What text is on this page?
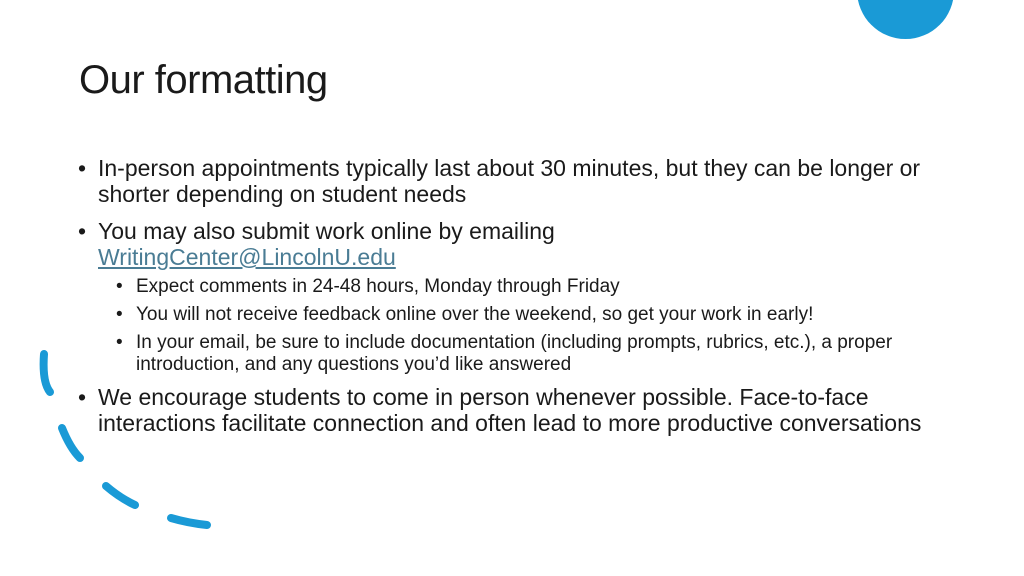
Our formatting
• In-person appointments typically last about 30 minutes, but they can be longer or shorter depending on student needs
• You may also submit work online by emailing
WritingCenter@LincolnU.edu
• Expect comments in 24-48 hours, Monday through Friday
• You will not receive feedback online over the weekend, so get your work in early!
• In your email, be sure to include documentation (including prompts, rubrics, etc.), a proper introduction, and any questions you’d like answered
• We encourage students to come in person whenever possible. Face-to-face interactions facilitate connection and often lead to more productive conversations
